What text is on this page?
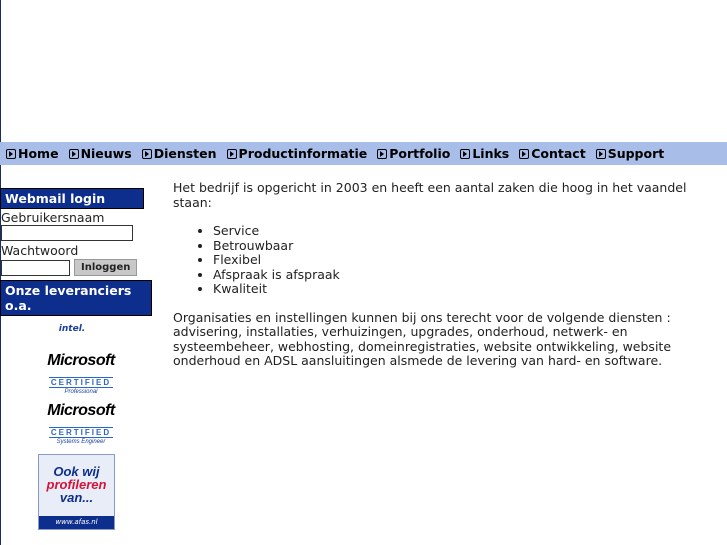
Home Nieuws Diensten Productinformatie Portfolio Links Contact Support
Webmail login
Gebruikersnaam
Wachtwoord
Inloggen
Onze leveranciers o.a.
intel.
Microsoft
CERTIFIED
Professional
Microsoft
CERTIFIED
Systems Engineer
Ook wij
profileren
van...
www.afas.nl
Het bedrijf is opgericht in 2003 en heeft een aantal zaken die hoog in het vaandel staan:
• Service
• Betrouwbaar
• Flexibel
• Afspraak is afspraak
• Kwaliteit
Organisaties en instellingen kunnen bij ons terecht voor de volgende diensten : advisering, installaties, verhuizingen, upgrades, onderhoud, netwerk- en systeembeheer, webhosting, domeinregistraties, website ontwikkeling, website onderhoud en ADSL aansluitingen alsmede de levering van hard- en software.
